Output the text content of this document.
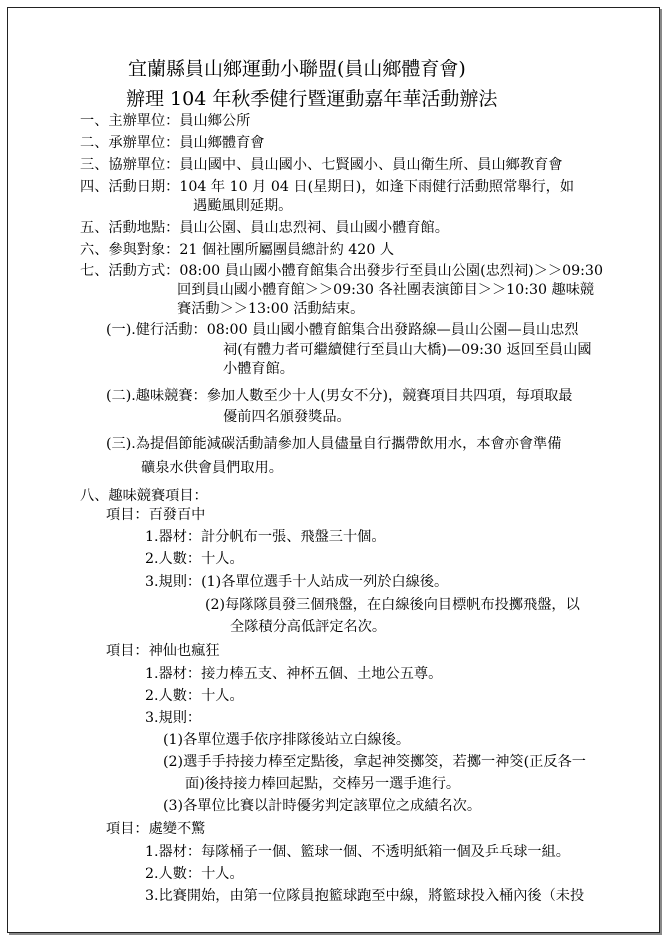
宜蘭縣員山鄉運動小聯盟(員山鄉體育會)
辦理 104 年秋季健行暨運動嘉年華活動辦法
一、主辦單位：員山鄉公所
二、承辦單位：員山鄉體育會
三、協辦單位：員山國中、員山國小、七賢國小、員山衛生所、員山鄉教育會
四、活動日期：104 年 10 月 04 日(星期日)，如逢下雨健行活動照常舉行，如
遇颱風則延期。
五、活動地點：員山公園、員山忠烈祠、員山國小體育館。
六、參與對象：21 個社團所屬團員總計約 420 人
七、活動方式：08:00 員山國小體育館集合出發步行至員山公園(忠烈祠)＞＞09:30
回到員山國小體育館＞＞09:30 各社團表演節目＞＞10:30 趣味競
賽活動＞＞13:00 活動結束。
(一).健行活動：08:00 員山國小體育館集合出發路線—員山公園—員山忠烈
祠(有體力者可繼續健行至員山大橋)—09:30 返回至員山國
小體育館。
(二).趣味競賽：參加人數至少十人(男女不分)，競賽項目共四項，每項取最
優前四名頒發獎品。
(三).為提倡節能減碳活動請參加人員儘量自行攜帶飲用水，本會亦會準備
礦泉水供會員們取用。
八、趣味競賽項目：
項目：百發百中
1.器材：計分帆布一張、飛盤三十個。
2.人數：十人。
3.規則：(1)各單位選手十人站成一列於白線後。
(2)每隊隊員發三個飛盤，在白線後向目標帆布投擲飛盤，以
全隊積分高低評定名次。
項目：神仙也瘋狂
1.器材：接力棒五支、神杯五個、土地公五尊。
2.人數：十人。
3.規則：
(1)各單位選手依序排隊後站立白線後。
(2)選手手持接力棒至定點後，拿起神筊擲筊，若擲一神筊(正反各一
面)後持接力棒回起點，交棒另一選手進行。
(3)各單位比賽以計時優劣判定該單位之成績名次。
項目：處變不驚
1.器材：每隊桶子一個、籃球一個、不透明紙箱一個及乒乓球一組。
2.人數：十人。
3.比賽開始，由第一位隊員抱籃球跑至中線，將籃球投入桶內後（未投
